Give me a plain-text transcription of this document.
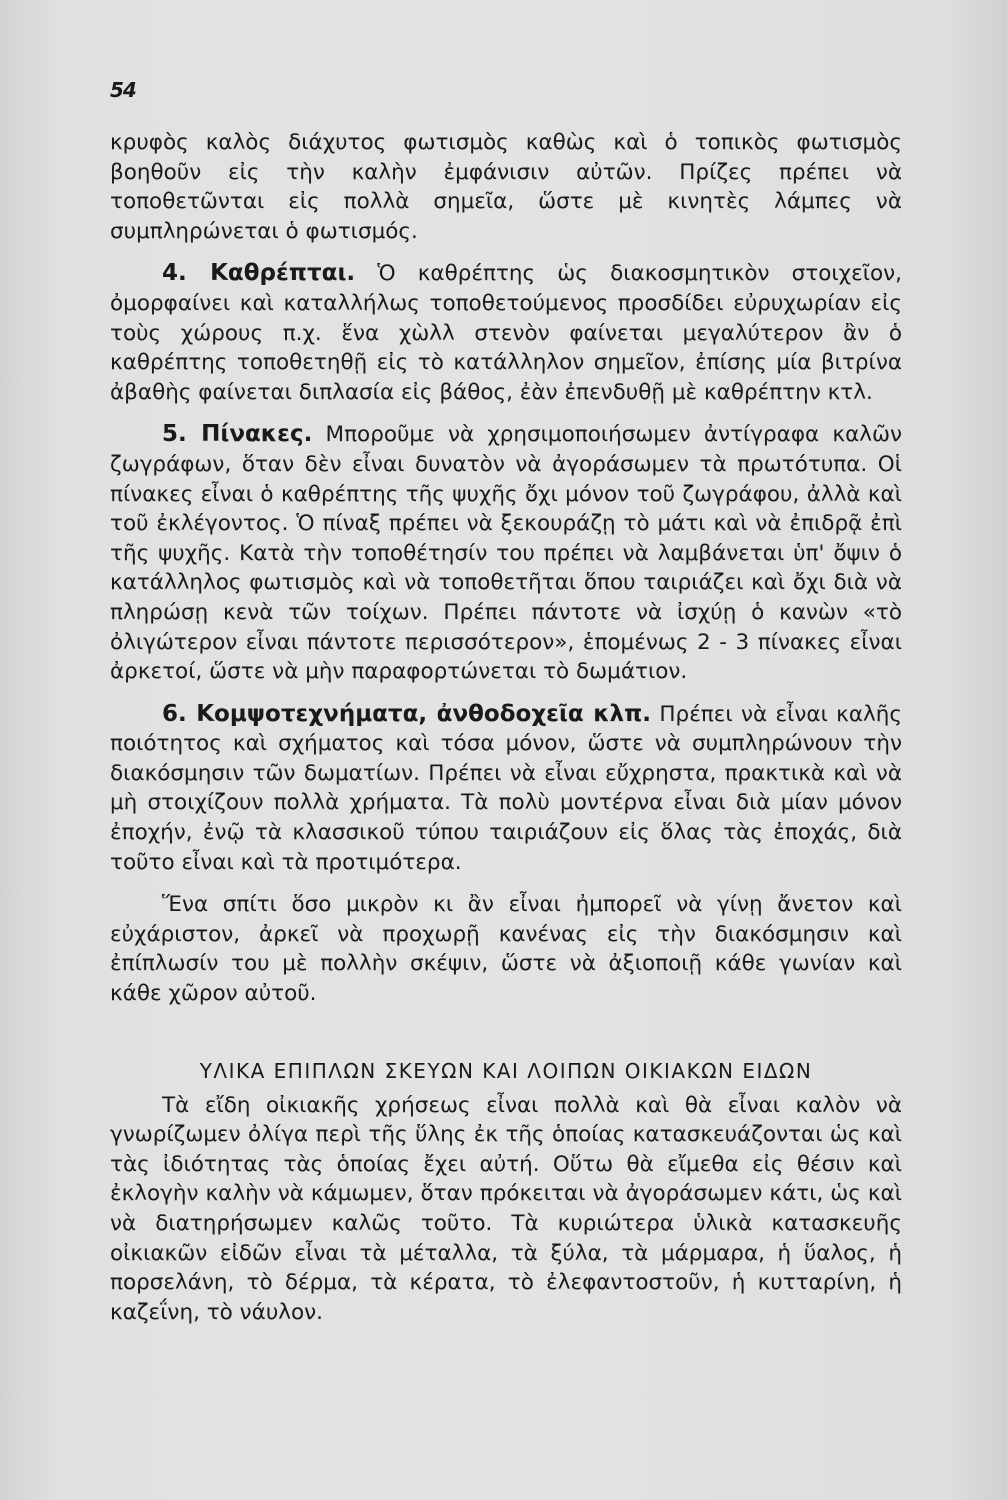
54

κρυφὸς καλὸς διάχυτος φωτισμὸς καθὼς καὶ ὁ τοπικὸς φωτισμὸς βοηθοῦν εἰς τὴν καλὴν ἐμφάνισιν αὐτῶν. Πρίζες πρέπει νὰ τοποθετῶνται εἰς πολλὰ σημεῖα, ὥστε μὲ κινητὲς λάμπες νὰ συμπληρώνεται ὁ φωτισμός.

4. Καθρέπται. Ὁ καθρέπτης ὡς διακοσμητικὸν στοιχεῖον, ὀμορφαίνει καὶ καταλλήλως τοποθετούμενος προσδίδει εὐρυχωρίαν εἰς τοὺς χώρους π.χ. ἕνα χὼλλ στενὸν φαίνεται μεγαλύτερον ἂν ὁ καθρέπτης τοποθετηθῇ εἰς τὸ κατάλληλον σημεῖον, ἐπίσης μία βιτρίνα ἀβαθὴς φαίνεται διπλασία εἰς βάθος, ἐὰν ἐπενδυθῇ μὲ καθρέπτην κτλ.

5. Πίνακες. Μποροῦμε νὰ χρησιμοποιήσωμεν ἀντίγραφα καλῶν ζωγράφων, ὅταν δὲν εἶναι δυνατὸν νὰ ἀγοράσωμεν τὰ πρωτότυπα. Οἱ πίνακες εἶναι ὁ καθρέπτης τῆς ψυχῆς ὄχι μόνον τοῦ ζωγράφου, ἀλλὰ καὶ τοῦ ἐκλέγοντος. Ὁ πίναξ πρέπει νὰ ξεκουράζῃ τὸ μάτι καὶ νὰ ἐπιδρᾷ ἐπὶ τῆς ψυχῆς. Κατὰ τὴν τοποθέτησίν του πρέπει νὰ λαμβάνεται ὑπ' ὄψιν ὁ κατάλληλος φωτισμὸς καὶ νὰ τοποθετῆται ὅπου ταιριάζει καὶ ὄχι διὰ νὰ πληρώσῃ κενὰ τῶν τοίχων. Πρέπει πάντοτε νὰ ἰσχύῃ ὁ κανὼν «τὸ ὀλιγώτερον εἶναι πάντοτε περισσότερον», ἑπομένως 2 - 3 πίνακες εἶναι ἀρκετοί, ὥστε νὰ μὴν παραφορτώνεται τὸ δωμάτιον.

6. Κομψοτεχνήματα, ἀνθοδοχεῖα κλπ. Πρέπει νὰ εἶναι καλῆς ποιότητος καὶ σχήματος καὶ τόσα μόνον, ὥστε νὰ συμπληρώνουν τὴν διακόσμησιν τῶν δωματίων. Πρέπει νὰ εἶναι εὔχρηστα, πρακτικὰ καὶ νὰ μὴ στοιχίζουν πολλὰ χρήματα. Τὰ πολὺ μοντέρνα εἶναι διὰ μίαν μόνον ἐποχήν, ἐνῷ τὰ κλασσικοῦ τύπου ταιριάζουν εἰς ὅλας τὰς ἐποχάς, διὰ τοῦτο εἶναι καὶ τὰ προτιμότερα.

Ἕνα σπίτι ὅσο μικρὸν κι ἂν εἶναι ἠμπορεῖ νὰ γίνῃ ἄνετον καὶ εὐχάριστον, ἀρκεῖ νὰ προχωρῇ κανένας εἰς τὴν διακόσμησιν καὶ ἐπίπλωσίν του μὲ πολλὴν σκέψιν, ὥστε νὰ ἀξιοποιῇ κάθε γωνίαν καὶ κάθε χῶρον αὐτοῦ.

ΥΛΙΚΑ ΕΠΙΠΛΩΝ ΣΚΕΥΩΝ ΚΑΙ ΛΟΙΠΩΝ ΟΙΚΙΑΚΩΝ ΕΙΔΩΝ

Τὰ εἴδη οἰκιακῆς χρήσεως εἶναι πολλὰ καὶ θὰ εἶναι καλὸν νὰ γνωρίζωμεν ὀλίγα περὶ τῆς ὕλης ἐκ τῆς ὁποίας κατασκευάζονται ὡς καὶ τὰς ἰδιότητας τὰς ὁποίας ἔχει αὐτή. Οὕτω θὰ εἴμεθα εἰς θέσιν καὶ ἐκλογὴν καλὴν νὰ κάμωμεν, ὅταν πρόκειται νὰ ἀγοράσωμεν κάτι, ὡς καὶ νὰ διατηρήσωμεν καλῶς τοῦτο. Τὰ κυριώτερα ὑλικὰ κατασκευῆς οἰκιακῶν εἰδῶν εἶναι τὰ μέταλλα, τὰ ξύλα, τὰ μάρμαρα, ἡ ὕαλος, ἡ πορσελάνη, τὸ δέρμα, τὰ κέρατα, τὸ ἐλεφαντοστοῦν, ἡ κυτταρίνη, ἡ καζεΐνη, τὸ νάυλον.
